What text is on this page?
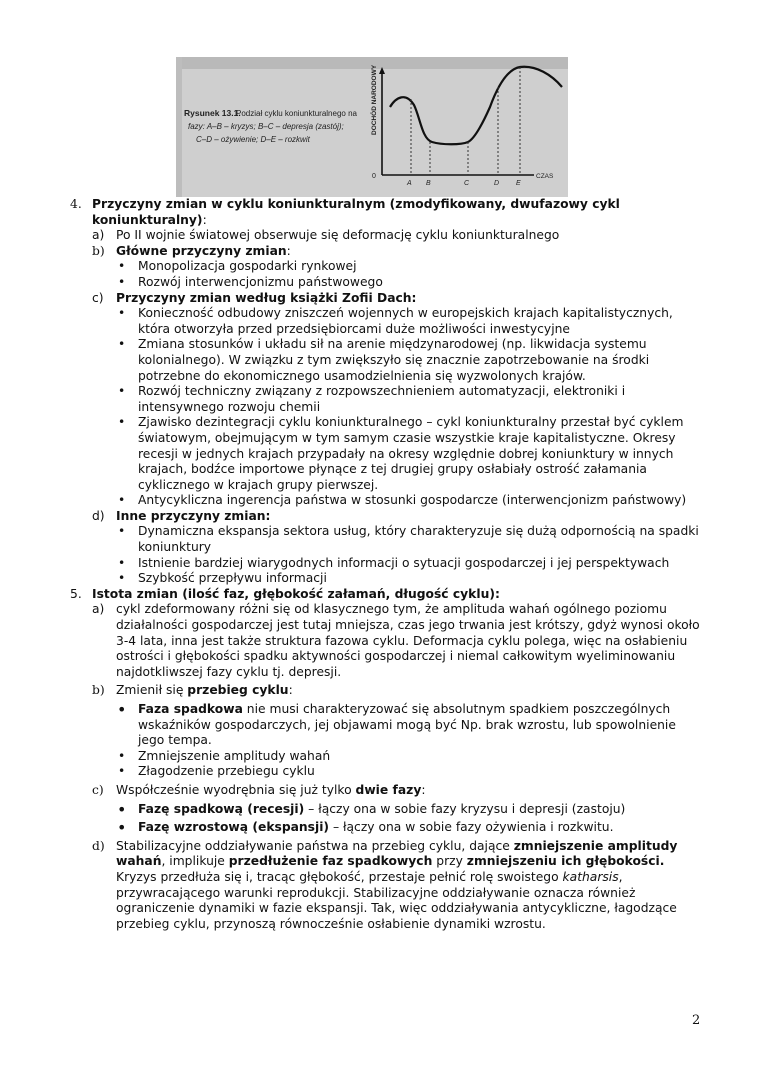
Rysunek 13.1.
Podział cyklu koniunkturalnego na
fazy: A–B – kryzys; B–C – depresja (zastój);
C–D – ożywienie; D–E – rozkwit
DOCHÓD NARODOWY
0	CZAS
A B	C	D E
4. Przyczyny zmian w cyklu koniunkturalnym (zmodyfikowany, dwufazowy cykl koniunkturalny):
a) Po II wojnie światowej obserwuje się deformację cyklu koniunkturalnego
b) Główne przyczyny zmian:
• Monopolizacja gospodarki rynkowej
• Rozwój interwencjonizmu państwowego
c) Przyczyny zmian według książki Zofii Dach:
• Konieczność odbudowy zniszczeń wojennych w europejskich krajach kapitalistycznych, która otworzyła przed przedsiębiorcami duże możliwości inwestycyjne
• Zmiana stosunków i układu sił na arenie międzynarodowej (np. likwidacja systemu kolonialnego). W związku z tym zwiększyło się znacznie zapotrzebowanie na środki potrzebne do ekonomicznego usamodzielnienia się wyzwolonych krajów.
• Rozwój techniczny związany z rozpowszechnieniem automatyzacji, elektroniki i intensywnego rozwoju chemii
• Zjawisko dezintegracji cyklu koniunkturalnego – cykl koniunkturalny przestał być cyklem światowym, obejmującym w tym samym czasie wszystkie kraje kapitalistyczne. Okresy recesji w jednych krajach przypadały na okresy względnie dobrej koniunktury w innych krajach, bodźce importowe płynące z tej drugiej grupy osłabiały ostrość załamania cyklicznego w krajach grupy pierwszej.
• Antycykliczna ingerencja państwa w stosunki gospodarcze (interwencjonizm państwowy)
d) Inne przyczyny zmian:
• Dynamiczna ekspansja sektora usług, który charakteryzuje się dużą odpornością na spadki koniunktury
• Istnienie bardziej wiarygodnych informacji o sytuacji gospodarczej i jej perspektywach
• Szybkość przepływu informacji
5. Istota zmian (ilość faz, głębokość załamań, długość cyklu):
a) cykl zdeformowany różni się od klasycznego tym, że amplituda wahań ogólnego poziomu działalności gospodarczej jest tutaj mniejsza, czas jego trwania jest krótszy, gdyż wynosi około 3-4 lata, inna jest także struktura fazowa cyklu. Deformacja cyklu polega, więc na osłabieniu ostrości i głębokości spadku aktywności gospodarczej i niemal całkowitym wyeliminowaniu najdotkliwszej fazy cyklu tj. depresji.
b) Zmienił się przebieg cyklu:
• Faza spadkowa nie musi charakteryzować się absolutnym spadkiem poszczególnych wskaźników gospodarczych, jej objawami mogą być Np. brak wzrostu, lub spowolnienie jego tempa.
• Zmniejszenie amplitudy wahań
• Złagodzenie przebiegu cyklu
c) Współcześnie wyodrębnia się już tylko dwie fazy:
• Fazę spadkową (recesji) – łączy ona w sobie fazy kryzysu i depresji (zastoju)
• Fazę wzrostową (ekspansji) – łączy ona w sobie fazy ożywienia i rozkwitu.
d) Stabilizacyjne oddziaływanie państwa na przebieg cyklu, dające zmniejszenie amplitudy wahań, implikuje przedłużenie faz spadkowych przy zmniejszeniu ich głębokości. Kryzys przedłuża się i, tracąc głębokość, przestaje pełnić rolę swoistego katharsis, przywracającego warunki reprodukcji. Stabilizacyjne oddziaływanie oznacza również ograniczenie dynamiki w fazie ekspansji. Tak, więc oddziaływania antycykliczne, łagodzące przebieg cyklu, przynoszą równocześnie osłabienie dynamiki wzrostu.
2
